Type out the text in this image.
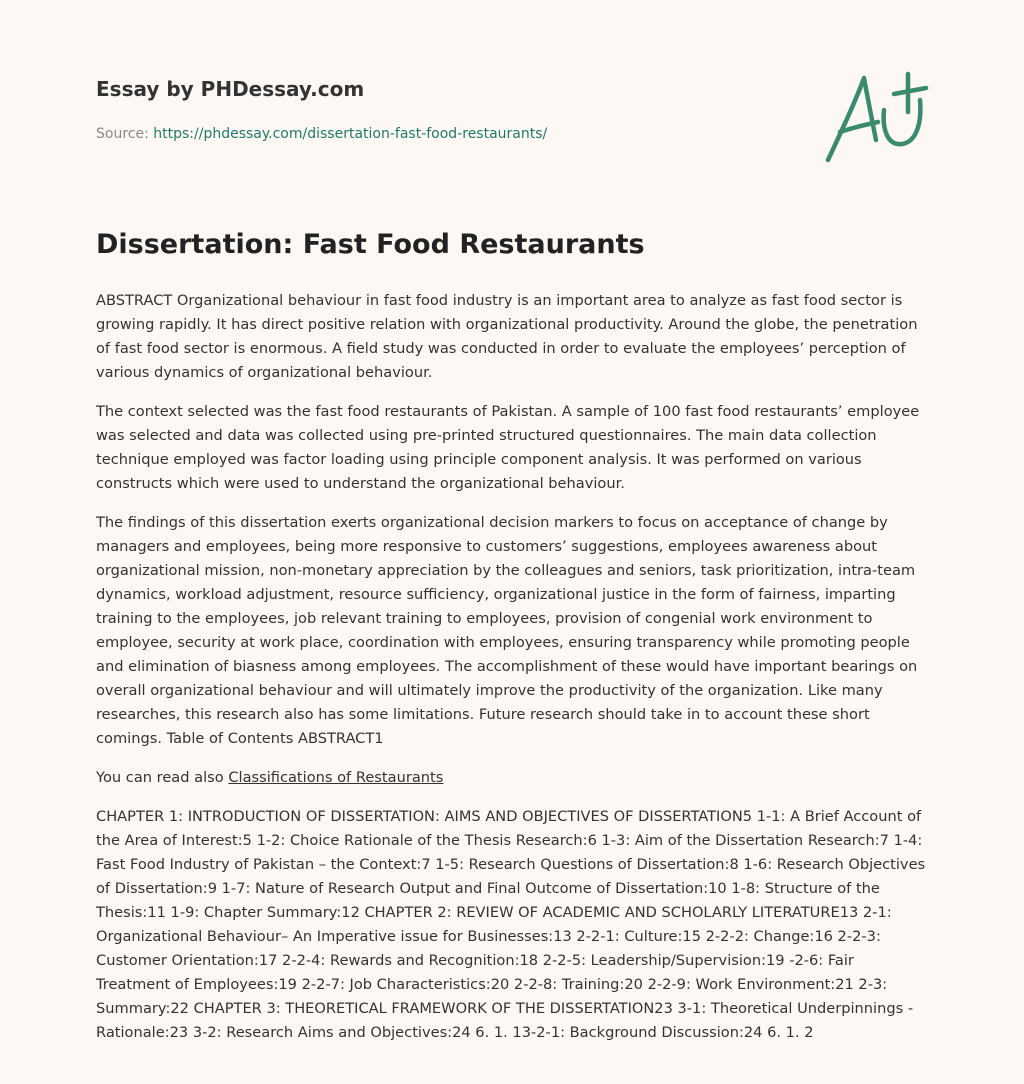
Essay by PHDessay.com

Source: https://phdessay.com/dissertation-fast-food-restaurants/
Dissertation: Fast Food Restaurants

ABSTRACT Organizational behaviour in fast food industry is an important area to analyze as fast food sector is growing rapidly. It has direct positive relation with organizational productivity. Around the globe, the penetration of fast food sector is enormous. A field study was conducted in order to evaluate the employees’ perception of various dynamics of organizational behaviour.

The context selected was the fast food restaurants of Pakistan. A sample of 100 fast food restaurants’ employee was selected and data was collected using pre-printed structured questionnaires. The main data collection technique employed was factor loading using principle component analysis. It was performed on various constructs which were used to understand the organizational behaviour.

The findings of this dissertation exerts organizational decision markers to focus on acceptance of change by managers and employees, being more responsive to customers’ suggestions, employees awareness about organizational mission, non-monetary appreciation by the colleagues and seniors, task prioritization, intra-team dynamics, workload adjustment, resource sufficiency, organizational justice in the form of fairness, imparting training to the employees, job relevant training to employees, provision of congenial work environment to employee, security at work place, coordination with employees, ensuring transparency while promoting people and elimination of biasness among employees. The accomplishment of these would have important bearings on overall organizational behaviour and will ultimately improve the productivity of the organization. Like many researches, this research also has some limitations. Future research should take in to account these short comings. Table of Contents ABSTRACT1

You can read also Classifications of Restaurants

CHAPTER 1: INTRODUCTION OF DISSERTATION: AIMS AND OBJECTIVES OF DISSERTATION5 1-1: A Brief Account of the Area of Interest:5 1-2: Choice Rationale of the Thesis Research:6 1-3: Aim of the Dissertation Research:7 1-4: Fast Food Industry of Pakistan – the Context:7 1-5: Research Questions of Dissertation:8 1-6: Research Objectives of Dissertation:9 1-7: Nature of Research Output and Final Outcome of Dissertation:10 1-8: Structure of the Thesis:11 1-9: Chapter Summary:12 CHAPTER 2: REVIEW OF ACADEMIC AND SCHOLARLY LITERATURE13 2-1: Organizational Behaviour– An Imperative issue for Businesses:13 2-2-1: Culture:15 2-2-2: Change:16 2-2-3: Customer Orientation:17 2-2-4: Rewards and Recognition:18 2-2-5: Leadership/Supervision:19 -2-6: Fair Treatment of Employees:19 2-2-7: Job Characteristics:20 2-2-8: Training:20 2-2-9: Work Environment:21 2-3: Summary:22 CHAPTER 3: THEORETICAL FRAMEWORK OF THE DISSERTATION23 3-1: Theoretical Underpinnings - Rationale:23 3-2: Research Aims and Objectives:24 6. 1. 13-2-1: Background Discussion:24 6. 1. 2
